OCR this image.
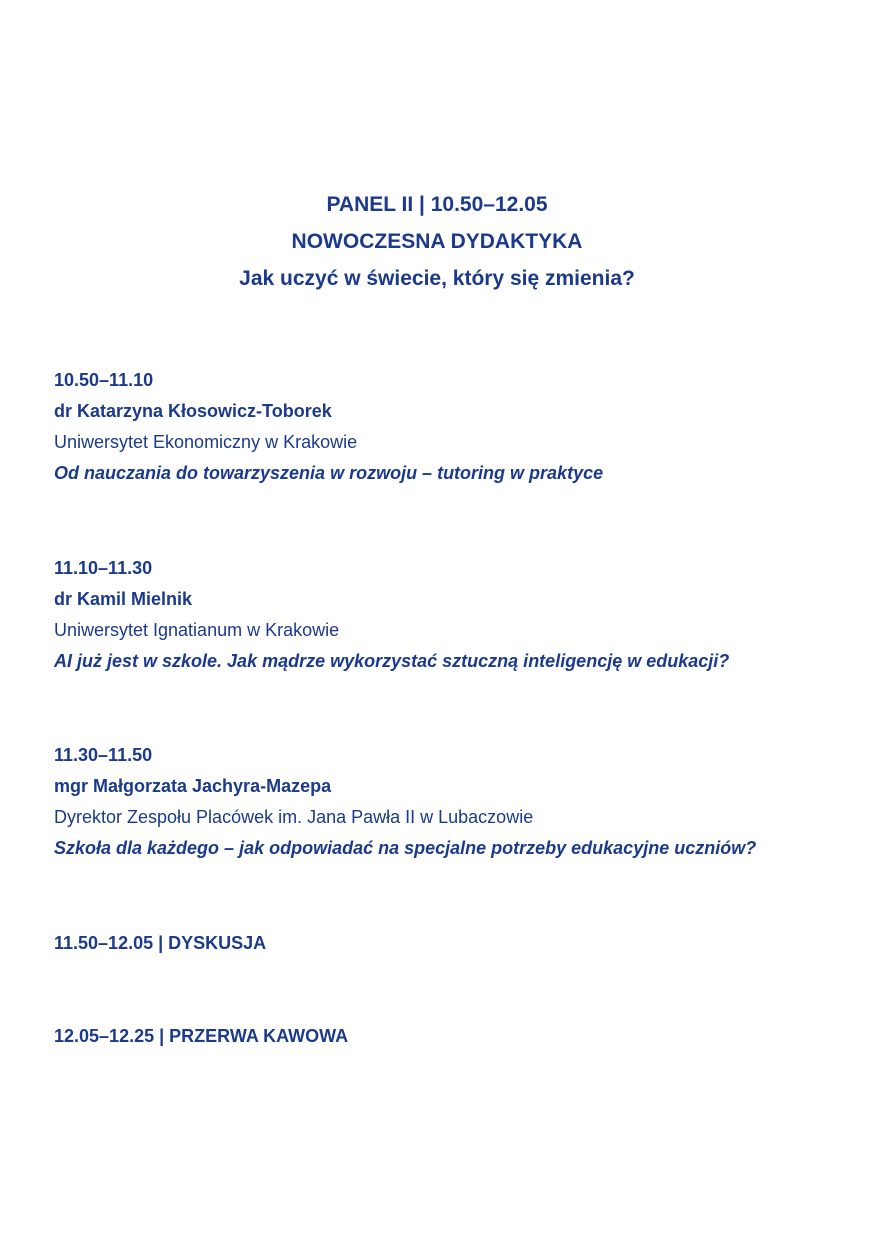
PANEL II | 10.50–12.05
NOWOCZESNA DYDAKTYKA
Jak uczyć w świecie, który się zmienia?
10.50–11.10
dr Katarzyna Kłosowicz-Toborek
Uniwersytet Ekonomiczny w Krakowie
Od nauczania do towarzyszenia w rozwoju – tutoring w praktyce
11.10–11.30
dr Kamil Mielnik
Uniwersytet Ignatianum w Krakowie
AI już jest w szkole. Jak mądrze wykorzystać sztuczną inteligencję w edukacji?
11.30–11.50
mgr Małgorzata Jachyra-Mazepa
Dyrektor Zespołu Placówek im. Jana Pawła II w Lubaczowie
Szkoła dla każdego – jak odpowiadać na specjalne potrzeby edukacyjne uczniów?
11.50–12.05 | DYSKUSJA
12.05–12.25 | PRZERWA KAWOWA
